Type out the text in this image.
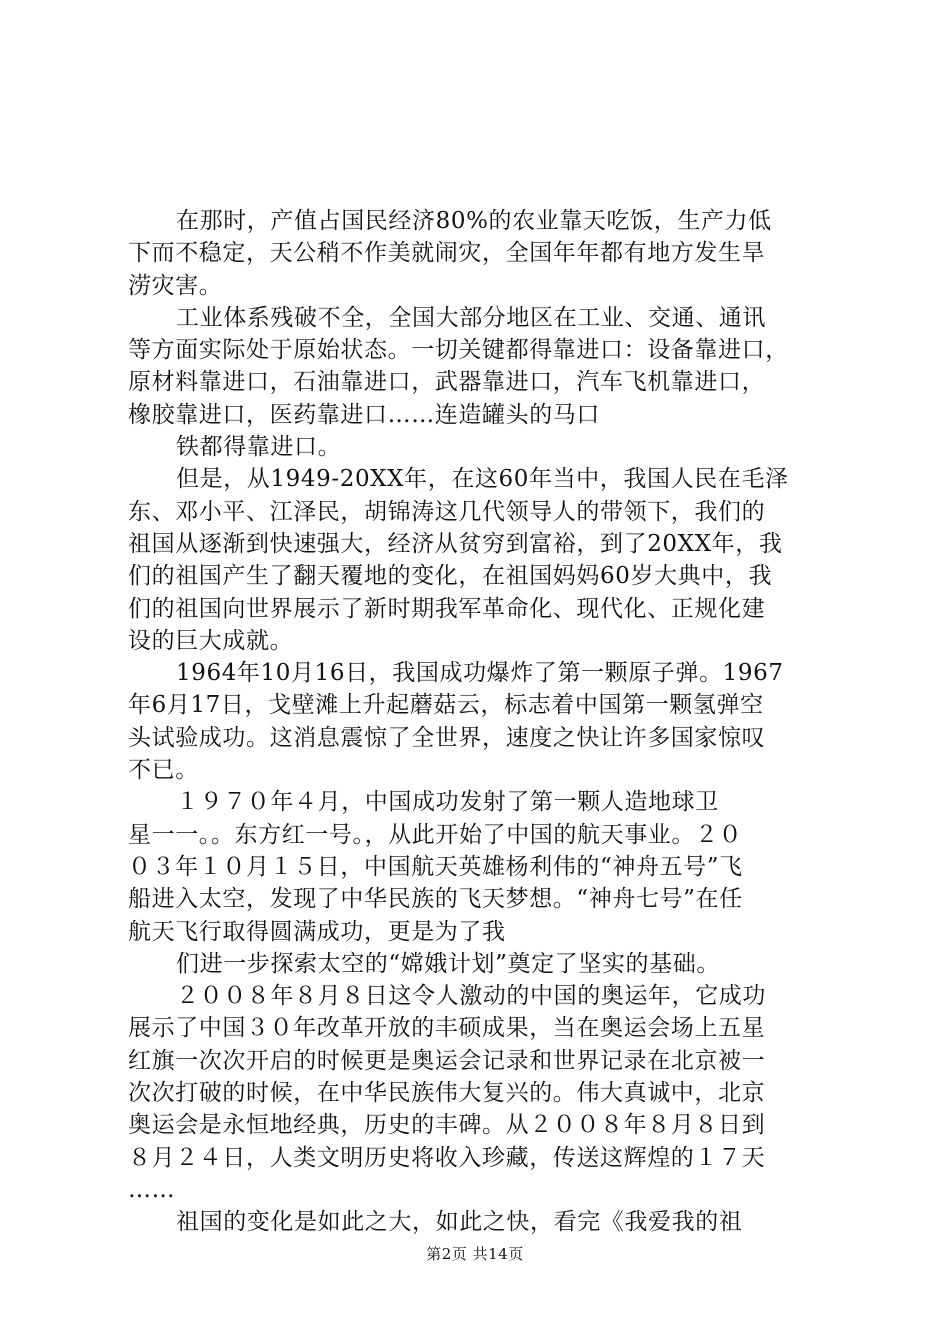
在那时，产值占国民经济80%的农业靠天吃饭，生产力低
下而不稳定，天公稍不作美就闹灾，全国年年都有地方发生旱
涝灾害。
工业体系残破不全，全国大部分地区在工业、交通、通讯
等方面实际处于原始状态。一切关键都得靠进口：设备靠进口，
原材料靠进口，石油靠进口，武器靠进口，汽车飞机靠进口，
橡胶靠进口，医药靠进口……连造罐头的马口
铁都得靠进口。
但是，从1949-20XX年，在这60年当中，我国人民在毛泽
东、邓小平、江泽民，胡锦涛这几代领导人的带领下，我们的
祖国从逐渐到快速强大，经济从贫穷到富裕，到了20XX年，我
们的祖国产生了翻天覆地的变化，在祖国妈妈60岁大典中，我
们的祖国向世界展示了新时期我军革命化、现代化、正规化建
设的巨大成就。
1964年10月16日，我国成功爆炸了第一颗原子弹。1967
年6月17日，戈壁滩上升起蘑菇云，标志着中国第一颗氢弹空
头试验成功。这消息震惊了全世界，速度之快让许多国家惊叹
不已。
１９７０年４月，中国成功发射了第一颗人造地球卫
星一一。。东方红一号。，从此开始了中国的航天事业。２０
０３年１０月１５日，中国航天英雄杨利伟的“神舟五号”飞
船进入太空，发现了中华民族的飞天梦想。“神舟七号”在任
航天飞行取得圆满成功，更是为了我
们进一步探索太空的“嫦娥计划”奠定了坚实的基础。
２００８年８月８日这令人激动的中国的奥运年，它成功
展示了中国３０年改革开放的丰硕成果，当在奥运会场上五星
红旗一次次开启的时候更是奥运会记录和世界记录在北京被一
次次打破的时候，在中华民族伟大复兴的。伟大真诚中，北京
奥运会是永恒地经典，历史的丰碑。从２００８年８月８日到
８月２４日，人类文明历史将收入珍藏，传送这辉煌的１７天
……
祖国的变化是如此之大，如此之快，看完《我爱我的祖
第2页 共14页
